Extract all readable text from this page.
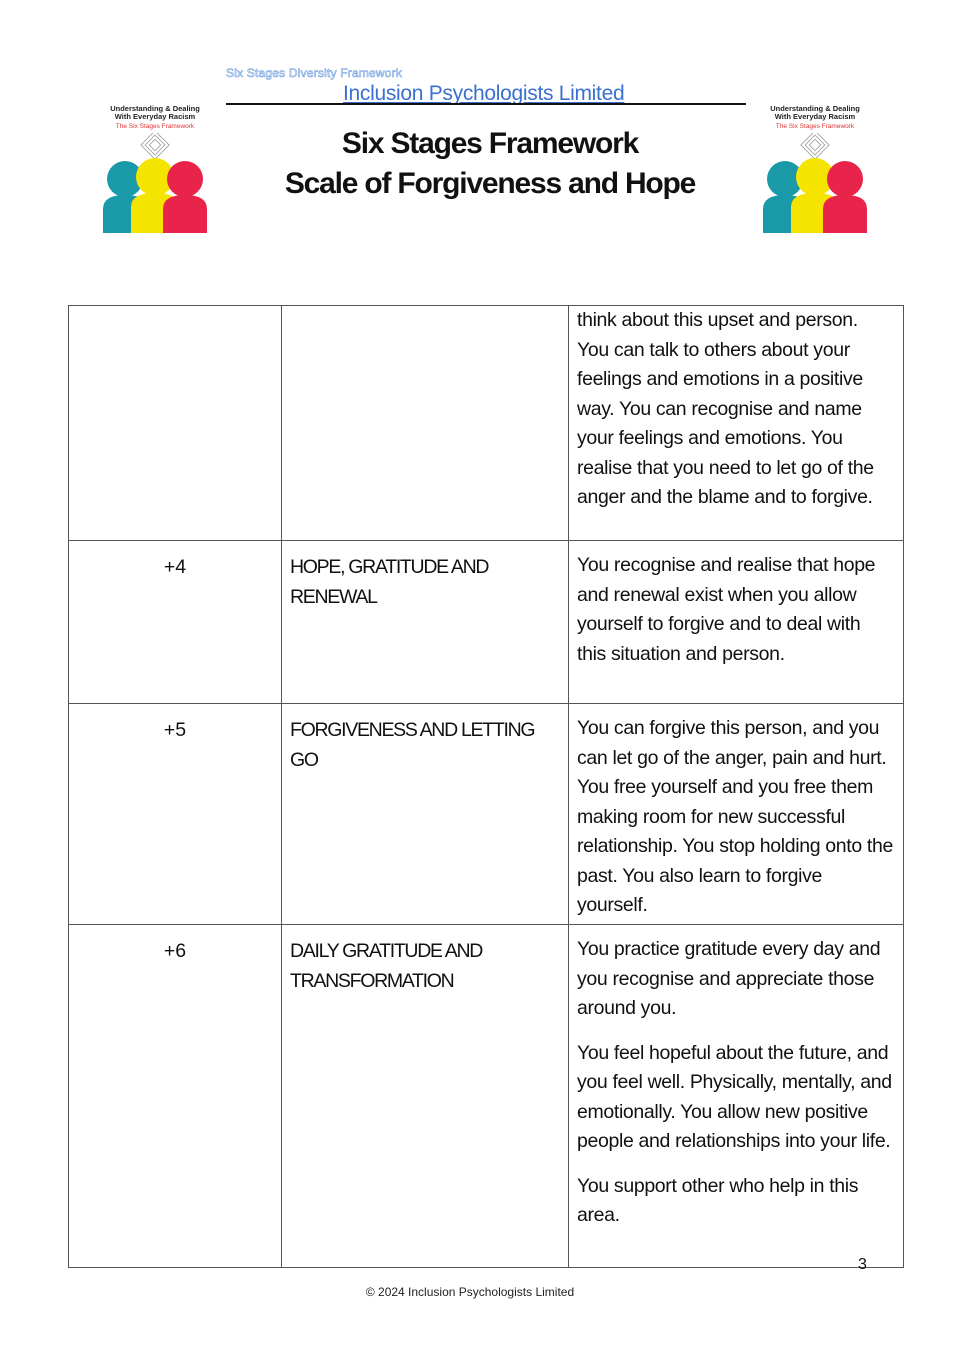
Six Stages Diversity Framework
Inclusion Psychologists Limited
Six Stages Framework
Scale of Forgiveness and Hope
Understanding & Dealing
With Everyday Racism
The Six Stages Framework
Understanding & Dealing
With Everyday Racism
The Six Stages Framework

		think about this upset and person. You can talk to others about your feelings and emotions in a positive way. You can recognise and name your feelings and emotions. You realise that you need to let go of the anger and the blame and to forgive.

+4	HOPE, GRATITUDE AND RENEWAL	You recognise and realise that hope and renewal exist when you allow yourself to forgive and to deal with this situation and person.

+5	FORGIVENESS AND LETTING GO	You can forgive this person, and you can let go of the anger, pain and hurt. You free yourself and you free them making room for new successful relationship. You stop holding onto the past. You also learn to forgive yourself.

+6	DAILY GRATITUDE AND TRANSFORMATION	You practice gratitude every day and you recognise and appreciate those around you.

You feel hopeful about the future, and you feel well. Physically, mentally, and emotionally. You allow new positive people and relationships into your life.

You support other who help in this area.

3
© 2024 Inclusion Psychologists Limited
